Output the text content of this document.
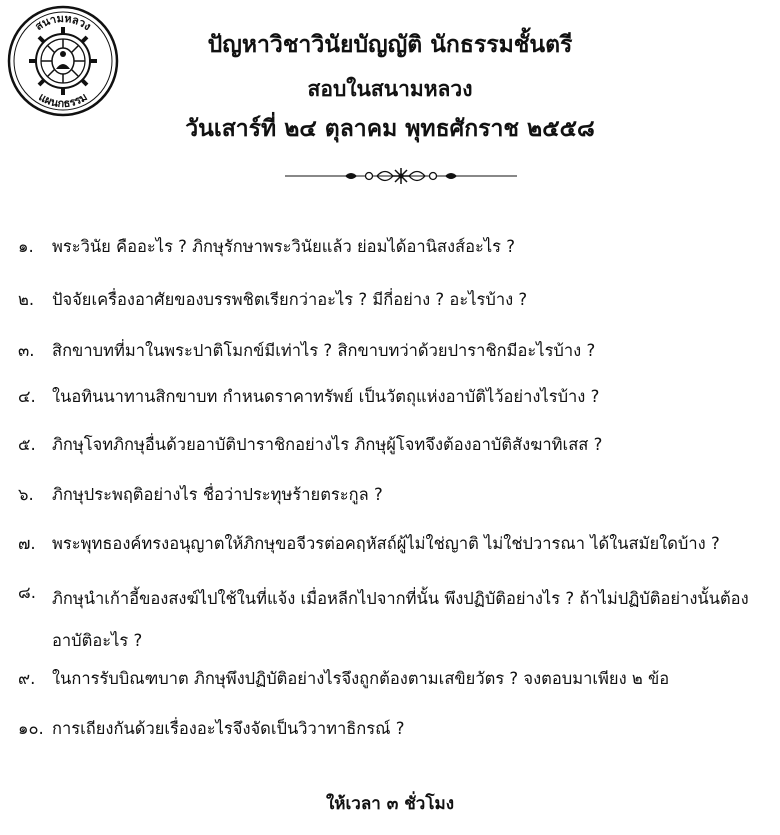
สนามหลวง
แผนกธรรม
ปัญหาวิชาวินัยบัญญัติ นักธรรมชั้นตรี
สอบในสนามหลวง
วันเสาร์ที่ ๒๔ ตุลาคม พุทธศักราช ๒๕๕๘
๑.	พระวินัย คืออะไร ? ภิกษุรักษาพระวินัยแล้ว ย่อมได้อานิสงส์อะไร ?
๒.	ปัจจัยเครื่องอาศัยของบรรพชิตเรียกว่าอะไร ? มีกี่อย่าง ? อะไรบ้าง ?
๓.	สิกขาบทที่มาในพระปาติโมกข์มีเท่าไร ? สิกขาบทว่าด้วยปาราชิกมีอะไรบ้าง ?
๔. ในอทินนาทานสิกขาบท กำหนดราคาทรัพย์ เป็นวัตถุแห่งอาบัติไว้อย่างไรบ้าง ?
๕. ภิกษุโจทภิกษุอื่นด้วยอาบัติปาราชิกอย่างไร ภิกษุผู้โจทจึงต้องอาบัติสังฆาทิเสส ?
๖.	ภิกษุประพฤติอย่างไร ชื่อว่าประทุษร้ายตระกูล ?
๗. พระพุทธองค์ทรงอนุญาตให้ภิกษุขอจีวรต่อคฤหัสถ์ผู้ไม่ใช่ญาติ ไม่ใช่ปวารณา ได้ในสมัยใดบ้าง ?
๘. ภิกษุนำเก้าอี้ของสงฆ์ไปใช้ในที่แจ้ง เมื่อหลีกไปจากที่นั้น พึงปฏิบัติอย่างไร ? ถ้าไม่ปฏิบัติอย่างนั้นต้องอาบัติอะไร ?
๙.	ในการรับบิณฑบาต ภิกษุพึงปฏิบัติอย่างไรจึงถูกต้องตามเสขิยวัตร ? จงตอบมาเพียง ๒ ข้อ
๑๐. การเถียงกันด้วยเรื่องอะไรจึงจัดเป็นวิวาทาธิกรณ์ ?
ให้เวลา ๓ ชั่วโมง
